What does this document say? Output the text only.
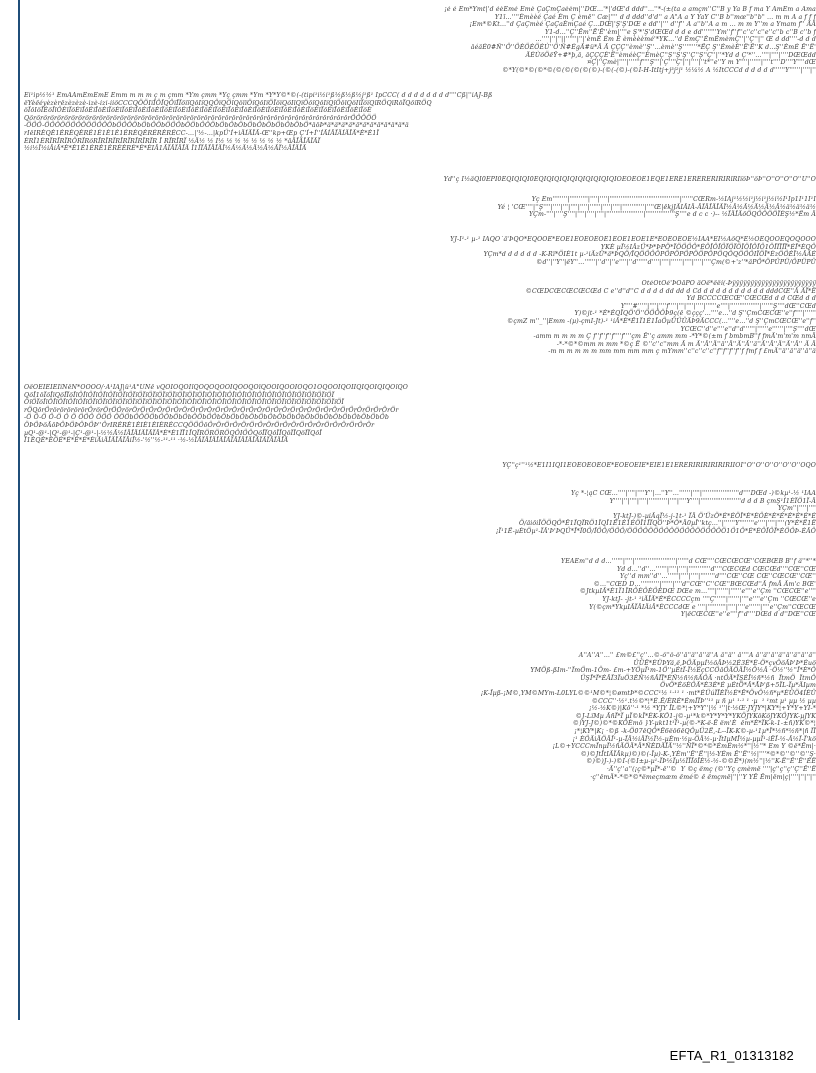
¡é é Ëm*Ymt|'d éèÈmé Èmè ÇaÇmÇaèèm|''DŒ…'*|'dŒ'd ddd''…''*-(±(ta a amçm''C''B y Ya Ḃ f ma Y ÄmEm a Ama
Y1ī…''''Èmèèé Çaé Èm Ç èmē'' Cæ|'''' d d ddd''d'd'' a A"A a Y YaY C''B b''mœ''b''b" ... m m A a f f f
¡Em*©Kt…''d ÇaÇmèé ÇaÇaÈmÇaé Ç…DŒ|'Ş'Ş'DŒ e dd''|''' d''f'' A a''b''A a m ... m m Y''m a Ymam f'' ÄÄ
Y1-d…''Ç''Ēm''Ē'Ē''èm|''''e Ş'*'Ş'dŒŒd d d e dd''''''''Ym''f''f''c''c''c''e''c''b c''B c''b f
…''''|''|''||''''''|''|'èmÈ Èm É èmèèèmé'*YK…''d ÈmÇ''ÈmÈmèmÇ''|''Ç''|'' Œ d dd''''-d d d
äéäÈ0#Ñ''Ö''ÖÈÖÈÖÈÙ''Ö'Ñ#ÈgÄ#ü*Ä Ä ÇÇÇ''èmè''Ş''…èmè''Ş''''''''*ËÇ Ş''ÈmèÈ''Ë'Ë''K d…Ş''ÈmÈ Ë''Ë'
ÄÈÙöÖëŸ+#*þ,ä, äÇÇÇÈ'Ë''èméèÇ''ÈmèÇ''Ş''Ş'Ş''Ç''Ş''Ç''|''*Yd d Ç'*''…''''|''''|''''DŒŒdd
¤Ç|''Çmè|''''|''''''f''''Ş'''|'Ç''''Ç'|''|''''|''t*''e''Y m Y''''|''''''|''''t''''D''''Y''''dŒ
©*Y(©*©(©*©(©(©(©(©(©)-(©(-(©)-(©I-H-ItItj+j³j²j¹ ½¼½ A ½ItCCCd d d d d d''''''Y''''''|''''|''
Ëi¹ip½½¹ EmÄÄmÈmÈmÈ Èmm m m m ç m çmm *Ym çmm *Yç çmm *Ym *Y*Y©*©(-(tipi¹i½i¹ß½ß½ß½j¹ß¹ IpCCC( d d d d d d d d''''Cß|''iÄJ-Bß
ëYèëéyèzèrëzèzèzè-izè-izi-iiöCCCQÖÖIïÏÖÏQÖïÏÏöïïQöIïQQÖïQÖïQöïïÖïQöIïÖÏöïQöIïQïÖöïQöIïQïÖöïQöIïÏöïQïRÖQïRöÏQöïRÖQ
öÏöIöÏÈöÏïÖÈïÏöÈïÏöÈïÏöÈïÏöÈïÏöÈïÏöÈïÏöÈïÏöÈïÏöÈïÏöÈïÏöÈïÏöÈïÏöÈïÏöÈïÏöÈïÏöÈïÏöÈïÏöÈïÏöÈïÏöÈïÏöÈïÏöÈïÏöÈ
QörörörörörörörörörörörörörörörörörörörörörörörörörörörörörörörörörörörörörörörörörörörörörörÖÖÖÖÖ
-ÖÖÖ-ÖÖÖÖÖÖÖÖÖÖÖÖÖbÖÖÖÖbÖbÖÖbÖÖÖbÖÖbÖÖÖbÖbÖbÖbÖbÖbÖbÖbÖbÖbÖ*äöÞ*ä*ä*ä*ä*ä*ä*ä*ä*ä*ä*ä*ä
rIëIRÈQÈ1ÈRÈQÈRÈ1È1È1È1ÈRÈQÈRÈRÈRÈCC-…|'½-…|kpÜ'Í+iÄÍÄÏÄ-Œ''kp+Œp Ç'Í+Í''ÍÄÍÄÏÄÍÄÏÄ*È*È1Ï
ÈRÏ1ÈRÏRÏRÏRÖRÏRöRÏRÏRÏRÏRÏRÏRÏRÏR Ï RÏRÏRÏ ½Ä½ ½ I½ ½ ½ ½ ½ ½ ½ ½ *äÄÏÄÏÄÏÄÏ
½i½Ï½iÄiÄ*È*È1È1ÈRÈ1ÈRÈÈRÈ*È*ÈIÄ1ÄÏÄÏÄÏÄ Ï1ÏÏÄÏÄÏÄÏ½Ä½Ä½Ä½Ä½ÄÏ½ÄÏÄÏÄ
Yd''ç Ï½äQÏ0ÈPÏ0ÈQÏQÏQÏ0ÈQÏQÏQÏQÏQÏQÏQÏQÏQÏQÏÖÈÖÈÖÈ1ÈQÈ1ÈRÈ1ÈRÈRÈRÏRÏRïRÏïöÞ''öÞ''Ö''Ö''Ö''Ö''Ü''Ö
Yç Ēm''''''''|''''''''''|''''|''''|''''''''''''''''''''''''''''''''''''''|''''''CŒRm-½ÍÄj¹½½i¹j½i¹j½i½Í¹Ip1Í¹1Í¹Í
Yé ¦ 'CŒ''''|''Ş''''|''''|'''|''''|''''|''''''|''''|''''|''''''''''''|''''Œ|ëkjJÄIÄIÄ-ÄÏÄÏÄÏÄÏ½Ä½Ä½Ä½Ä½Ä½ä½ä½ä½
YÇm-''''|''''Ş''''|''''|''''|''''|''''''''''''''''''''|''''''''''''''''Ş''''e d c c ·)-- ½ÏÄÏÄöÖQÖÖÖÖÏÈŞ½*Ëm Ä
YJ-Ï¹-¹ µ-¹ ÏÄQÖ´ä'ÞQÖ*ÈQÖÖÈ*ÈÖÈ1ÈÖÈÖÈÖÈ1ÈÖÈ1ÈÖÈ1È*ÈÖÈÖÈÖÈ½ÏÄÄ*ÈÏ½ÄöQ*Ë½ÖÈQÖÖÈQÖQÖÖÖ
YKÈ µÏ½IÄzÜ*Þ*ÞPÖ*ÏÖÖÖÖ*ÈÖÏÖÏÖÏÖÏÖÏÖÏÖÏÖ1ÖÏÏÏÏÏ*ÈÏ*ÈQÖ
YÇm*d d d d d d -K-Rï*ÖIÈ1t µ-¹iÄzÜ*ä*ÞQÖ/ÏQÖÖÖÖPÖPÖPÖPÖÖPÖPÖQÖQÖÖÖIÏÖÏ*ÈzÖÖÈÏ½ÄÄÈ
©d''|''Y''|ëY''…''''''|''d''|''e''''|''d''''''d''''|''''|''''''|''''|''''|''''Çm(©+'z''*äPÖ*ÖPÜPÜ/ÖPÜPÜ
ÖtéÖtÖé'ÞÖäPÖ äÖë*ëëí(-Þÿÿÿÿÿÿÿÿÿÿÿÿÿÿÿÿÿÿÿÿÿÿÿ
©CŒDCŒCŒCŒCŒd C e''d''d''C d d d d dd dd d Cd d d d d d d d d d d dddCŒ''Ä ÄÏ*Ë
Yd BCCCCŒCŒ''CŒCŒd d d CŒd d d
Y''''#'''''|''''|''''f''''|'''|''''|''''|''''''e''''|''''''''''''''''|''''''Ş''''dŒ''CŒd
Y)©jt-¹ *È*ÈQÏQÖ'Ö''ÖÖÖÖÞ9ç(ë ©ççç'…''''e…''d Ş''ÇmCŒCŒ''e''f''''|''''''
©çmZ m''_''|Emm -(µ)-çmI-Jt)-¹ ¹iÄ*È*Ë1Ï1È1ÏaÖµÜÜÜÄÞ9ÄCCC(…''''e…''d Ş''ÇmCŒCŒ''e''f''
YCŒC''d''e''''e''d''d''''''|''''''e''''''|''''Ş''''dŒ
-amm m m m m Ç f''f''f''f''''f''''çm Ë''ç amm mm -*Y*©(±m f bmbmB''f fmÄ'm'm'm nmÄ
-*-*©*©mm m mm *©ç Ë ©''c''c''mm Ä m Ä''Ä''Ä''ä''Ä''Ä''Ä''ä''Ä''Ä''Ä''Ä''Ä'' Ä Ä
-m m m m m m mm mm mm mm ç mYmm''c''c''c''c''f''f''f''f''f fmf f £mÄ''ä''ä''ä''ä''ä
ÖëÖÈIÈIÈIïÑëÑ*ÖÖÖÖ/·Ä¹ÏAJ|ü¹Ä°ÜNë vQÖIÖQÖÏïQÖQÖQÖÖÏQÖÖQÖïQÖÖÏQÖÖIÖQÖ1ÖQÖÖÏQÖÏÏQÏQÖÏQÏQÖïQÖ
QöÏ1öÏöÏïQöÏÏöÏïÖÏïÖÏïÖÏïÖÏïÖÏïÖÏïÖÏïÖÏïÖÏïÖÏïÖÏïÖÏïÖÏïÖÏïÖÏïÖÏïÖÏïÖÏïÖÏïÖÏïÖÏïÖÏïÖÏïÖÏïÖÏïÖÏ
ÖïÖÏöÏïÖÏïÖÏïÖÏïÖÏïÖÏïÖÏïÖÏïÖÏïÖÏïÖÏïÖÏïÖÏïÖÏïÖÏïÖÏïÖÏïÖÏïÖÏïÖÏïÖÏïÖÏïÖÏïÖÏïÖÏïÖÏïÖÏïÖÏïÖÏïÖÏïÖÏ
rÖQörÖrörörörörörÖrörÖrÖÖrörÖrÖrÖrÖrÖrÖrÖrÖrÖrÖrÖrÖrÖrÖrÖrÖrÖrÖrÖrÖrÖrÖrÖrÖrÖrÖrÖrÖrÖrÖrÖrÖr
-Ö Ö-Ö Ö-Ö Ö Ö ÖÖÖ ÖÖÖ ÖÖÖbÖÖÖÖbÖÖbÖbÖbÖÖbÖÖbÖbÖbÖbÖbÖbÖbÖbÖbÖbÖbÖbÖbÖbÖbÖbÖbÖbÖb
ÖÞÖÞöÄöÞÖÞÖÞÖÞÖÞ''ÖrIRÈRÈ1ÈIÈ1ÈIÈRÈCCQÖÖÖöÖrÖrÖrÖrÖrÖrÖrÖrÖrÖrÖrÖrÖrÖrÖrÖrÖrÖrÖrÖr
µQ¹-@¹-|Q¹-@¹-|Ç¹-@¹-|-½½Ä½ÍÄÏÄÍÄÏÄÏÄ*È*È1ÏÏ1ÏQÏRÖRÖRÖQÖIÖÖQöÏÏQöÏÏQöÏÏQöÏÏQöÏ
Ï1ÈQÈ*ÈÖÈ*È*È*È*ÈiÄiÄÏÄÏÄÏÄiÏ½-'½''½-¹¹-¹¹ ·½-½ÏÄÏÄÏÄÏÄÏÄÏÄÏÄÏÄÏÄÏÄÏÄÏÄÏÄ
YÇ''ç¹''¹½*È1Ï1ÏQÏ1ÈÖÈÖÈÖÈÖÈ*ÈÖÈÖÈÏÈ*ÈÏÈ1È1ÈRÈRÏRÏRÏRÏRÏRÏIÖÏ''Ö''Ö''Ö''Ö''Ö''Ö''ÖQÖ
Yç *-¦ąC CŒ…''''|''''|''''Y''|…''Y''…''''''|''''|''''''''''''''''''''d''''DŒd -)©kµ¹-½ ¹ÍÄÄ
Y''''|''|''''|''''|''''''''''|''''|''''Y''''|''''''''''''''''''''''d d d B çmŞ¹Í1ÈÏÖ1Ï-Ä
YÇm''|''''|''''
YJ-ktJ-)©-µiÄqÏ½-j-1t-¹ ÏÄ Ö'ÜzÖ*È*ÈÖÏ*È*ÈÖÈ*È*È*È*È*È*È
Ö/äiöiÏÖÖQÖ*Ë1ÏQÏRÖ1ÏQÏ1Ë1È1ÈÖÏ1ÏÏQÖ''Þ*Ö*Ä0µÏ''ktç…''|''''''Y''''''''e''''|''''|''''(Y*È*Ë1Ë
¡Ï¹1Ë-µÈtÖµ¹-ÏÄ'Þ'ÞQÜ*Ï*Ï0Ö/ÏÖÖ/ÖÖÖ/ÖÖÖÖÖÖÖÖÖÖÖÖÖÖÖÖÖÖÖ1Ö1Ö*È*ÈÖÏÖÏ*ÈÖÖÞ-ÈÄÖ
YÈÄÈm''d d d…''''''|''''|''''''''''''''''''''''|''''''d CŒ''''CŒCŒCŒ''CŒBŒB B''f ä''*''*
Yd d…''d''…''''''|''''|''''|''''''''''''d''''CŒCŒd CŒCŒd''''CŒ''CŒ
Yç''d mm''d''…''''''|''''|''''|''''''''d''''CŒ''CŒ CŒ''CŒCŒ''CŒ''
©…''CŒD D…''''''''''|''''''|''''d''CŒ''C''CŒ''BŒCŒd''Ä fmÄ Äm'c BŒ'
©JtkµIÄ*È1Ï1ÏRÖÈÖÈÖÈDŒ DŒe m…''''|''''''|''''''e''''e''Çm ''CŒCŒ''e''''
YJ-ktJ- -jt-¹ ¹iÄÏÄ*È*ÈCCCCçm ''''Ç''''''|''''''|''''e''''e''Çm ''CŒCŒ''e
Y(©çm*YkµIÄÏÄIÄiÄ*ÈCCCdŒ e ''''|''''''''''|''''|''''e''''''|''''e''Çm''CŒCŒ
Y|ëCŒCŒ''e''e''''f''d''''DŒd d d''DŒ''CŒ
Ä''Ä''Ä''…'' £m©£''ç''…©-ô''ô-ô''ä''ä''ä''ä''Ä ä''ä'' ä''''Ä ä''ä''ä''ä''ä''ä''ä''ä''
ÜÜË*ÈÜÞYä,ë,ÞÖÄpµÍ½öÄÞ½2È3È*È-Ö*çvÖöÄÞ'Þ*Èuö
YMÖß-ßIm-''ÏmÖm-1Öm- £m-+YÖµÏ¹m-1Ö''µÈtÏ-Ï½ÈçCCÖäÖÄÖÄÏ½Ö½Ä ·Ö½''½''Ï*È*Ö
ÜŞÏ*Ï*ÈÄÏ3ÏuÖ3ÈÑ½ñÄÏÏ*ÈÑ½ñ½ñÄÖÄ ·ntÖÄ*ÏŞÈÏ½ñ*½ñ  ÏtmÖ  ÏtmÖ
ÖvÖ*ÈöÈÖÄ*È3È*È µÈtÖ*Ä*ÅÞ'ß+5ÏL-Ïµ*ÄIµm
¡K-Ïµß-¡M©,YM©MYm-L0LYL©©¹M©*¦©ømtÞ*©CCC¹½ ¹·¹¹ ¹ ·mt*ÈÜúÏÏÈÏ½È*Ë*ÖvÖ½ñ*µ*ÈÜÖ4ÍÈÜ
©CCC''·½¹.t½©*¦*È.Ë/ÈRÈ*ÈmÏÏÞ''¹¹ µ ñ µ¹ ¹·¹ ¹ ·µ  ¹ ¹mt µ¹ µµ ½ µµ
¡½-½K©)|Kö''·¹ *½ *YJY ÏL©*¦+Y*Y''|½ ¹''|t·½Œ·JYJY*|KY*¦+Y*Y+YI-*
©J-LïMµ ÄñÏ*Ï µÏ©kÏ*ÈK-KÕ1-j©-µ¹*k©*Y*Y*Y*YKÖJYKöKöJYKÖJYK-µJYK
©)YJ-J©)©*©KÖÈmö }Y-µkt1t¹Ï¹-µ(©-*K-ë-Ë ëm'È  ëm*È*ÏK-k-1-±ñ)YK©*¦
¡*¦KY*|K¡ ·©ß -k-Ö07ëQÖ*Ë6ëö6ëQÖµÜ2Ë,-L--ÏK-K©-µ-¹1µ*Ï*½ñ*½ñ*|ñ ÏÏ
¡¹ ÈÖÄiÄÖÄÏ¹-µ-ÏÄ½iÄÏ½Ï½-µÈm·½µ-ÖÄ½-µ·ÏtIµMÏ½µ-µµÏ¹-iËÏ-½-Ä½Ï-Ï'kö
¡L©+YCCCmÏnµÏ½ñÄÖÄ*Ä*ÑÈDÄÏÄ''½''ÑÏ*©*©*ÈmÈm½*''|½''* Em Y ©ë*Ëm|·
©)©JtÏtIÄÏÄkµ)©)©(-Ïµ)-K-,YÈm''Ë''Ë''|½-YÈm Ë''Ë''½|''''*©*©''©''©''Ş·
©)©)J-)-)©I-(©I±µ-µ¹-ÏÞ½Ïµ½ÏÏÏöÏÈ½-½-©©Ë*)(m½''|½''K-Ë''Ë''Ë''ÈË
·Ä''ç''a''(¡ç©*µÏ*-ë''©  Y ©ç ëmç (©''Yç çmèmë ''''|ç''ç''ç''Ç''Ë''Ë
·ç''ëmÄ*-*©*©*ëmeçmæm ëmé© ë ëmçmë|''|''Y YË Ëm|ëm|ç|''''|''|''|''
EFTA_R1_01313182
